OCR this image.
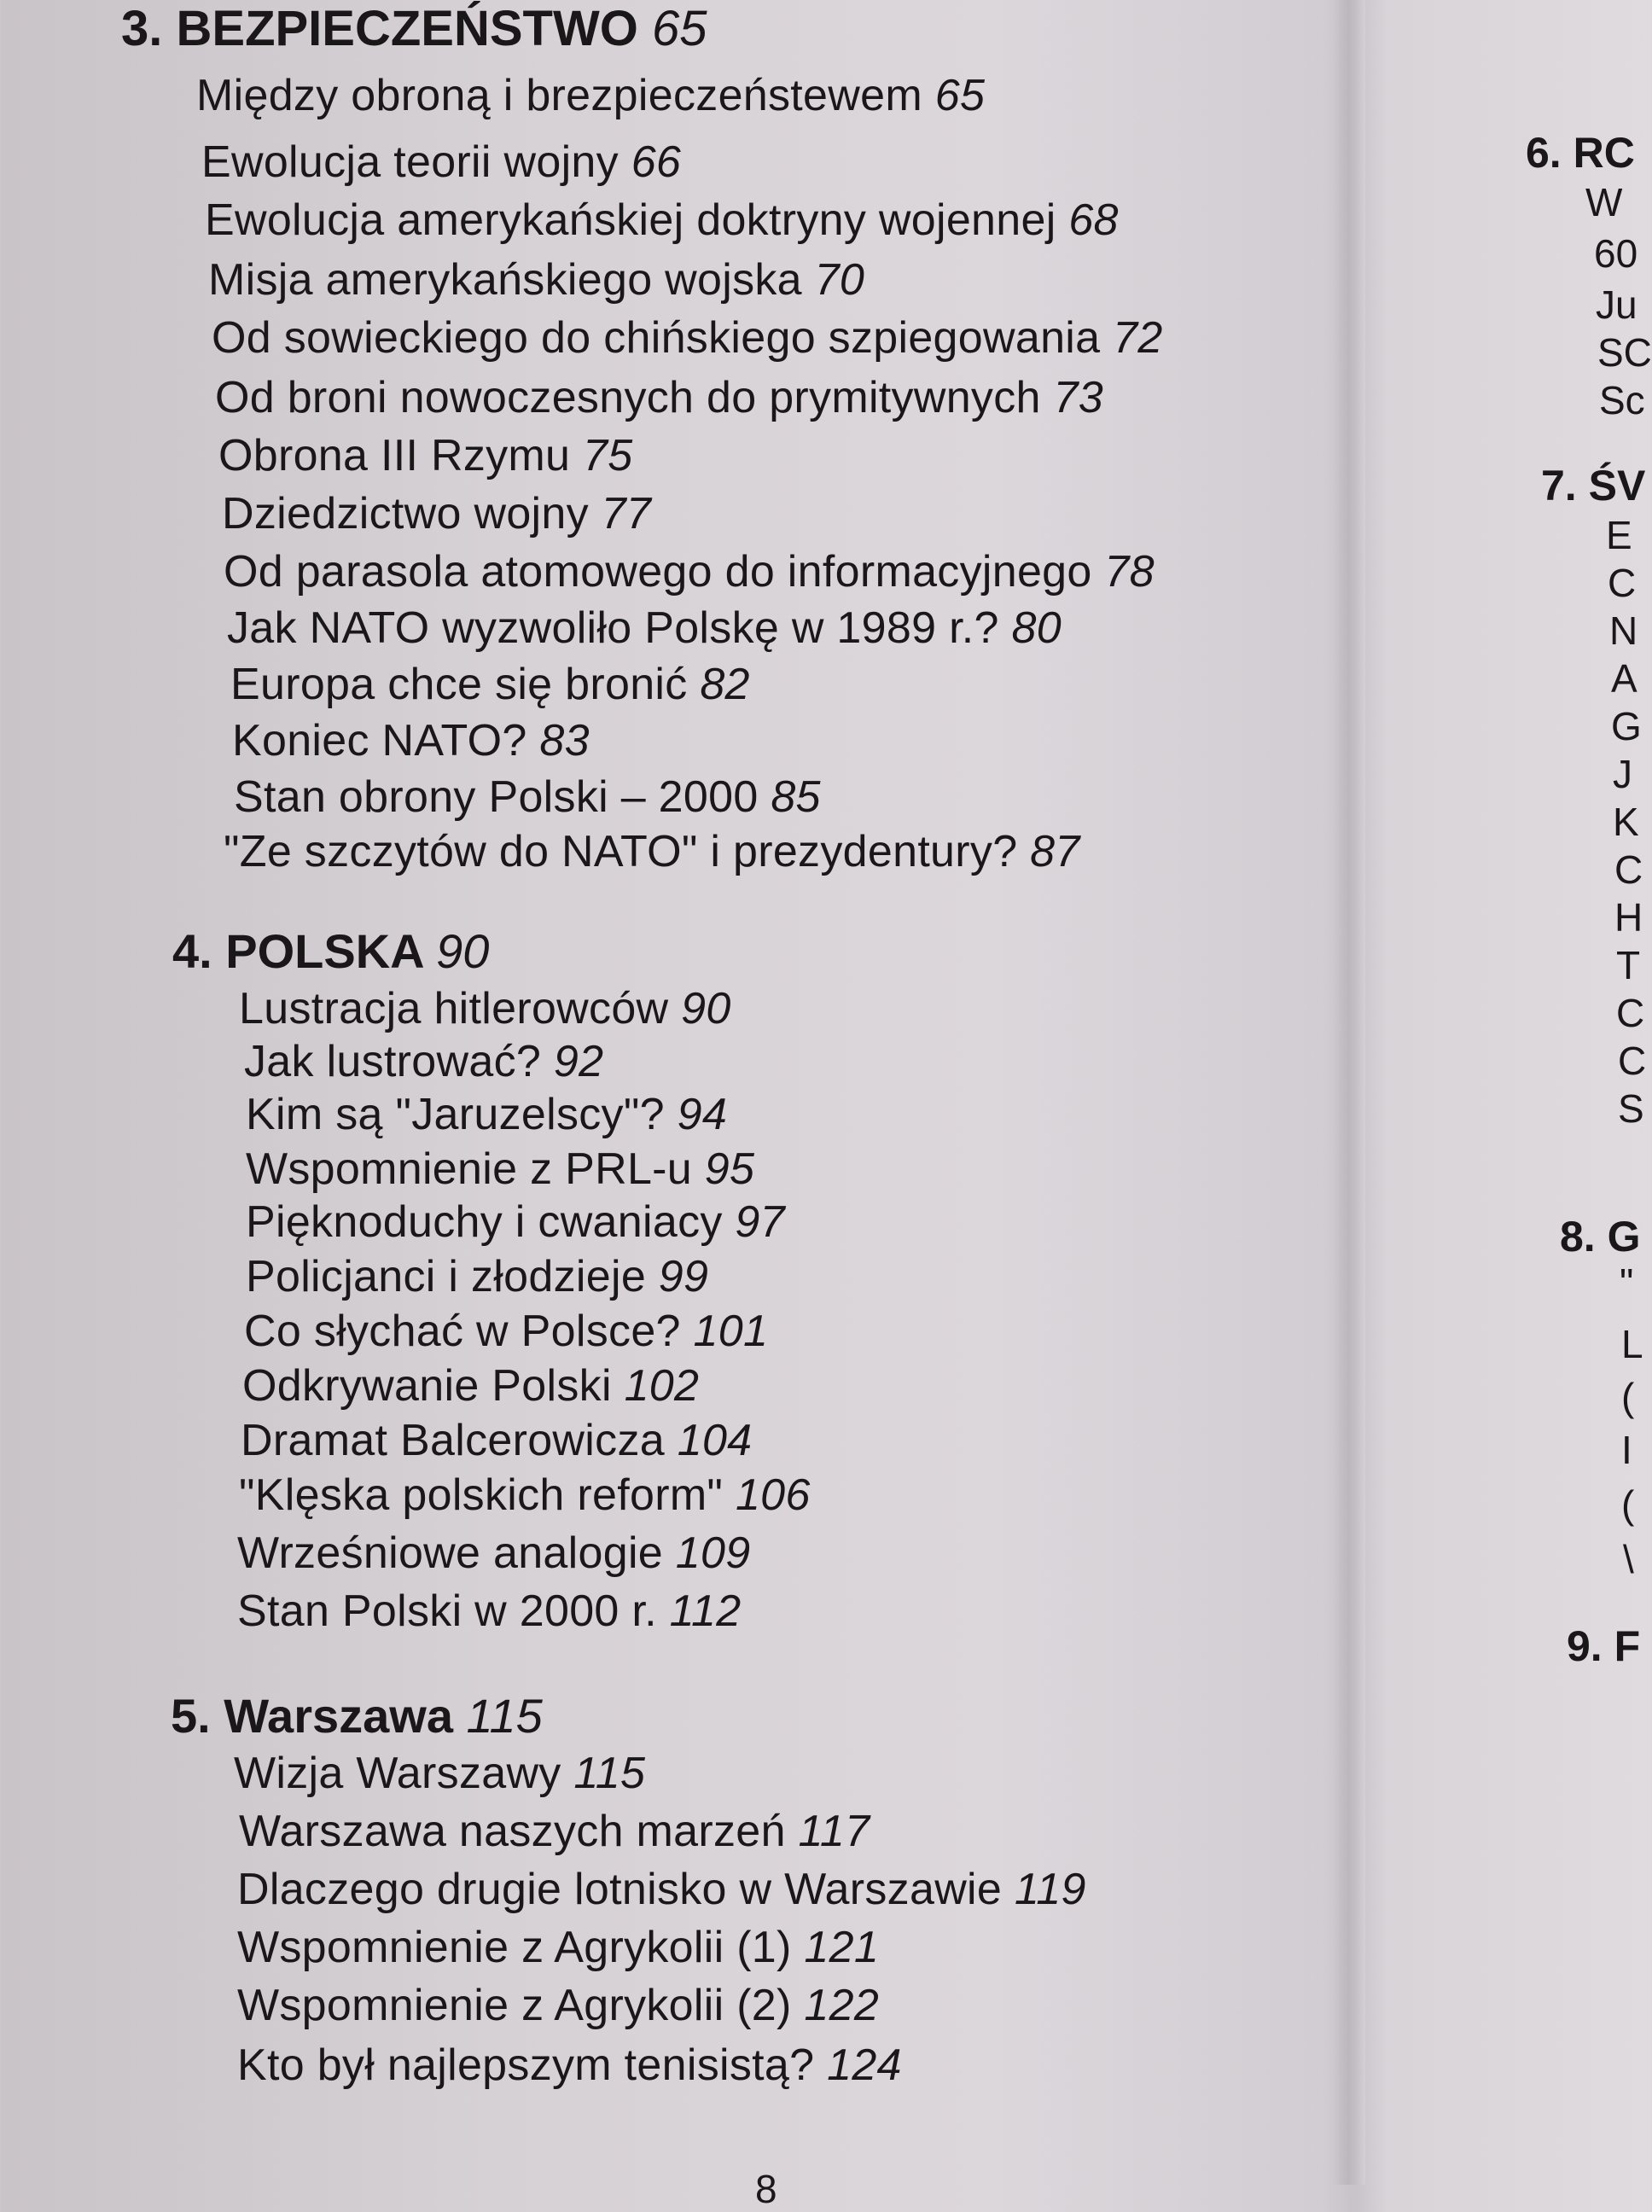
3. BEZPIECZEŃSTWO 65

Między obroną i brezpieczeństewem 65

Ewolucja teorii wojny 66

Ewolucja amerykańskiej doktryny wojennej 68

Misja amerykańskiego wojska 70

Od sowieckiego do chińskiego szpiegowania 72

Od broni nowoczesnych do prymitywnych 73

Obrona III Rzymu 75

Dziedzictwo wojny 77

Od parasola atomowego do informacyjnego 78

Jak NATO wyzwoliło Polskę w 1989 r.? 80

Europa chce się bronić 82

Koniec NATO? 83

Stan obrony Polski – 2000 85

"Ze szczytów do NATO" i prezydentury? 87

4. POLSKA 90

Lustracja hitlerowców 90

Jak lustrować? 92

Kim są "Jaruzelscy"? 94

Wspomnienie z PRL-u 95

Pięknoduchy i cwaniacy 97

Policjanci i złodzieje 99

Co słychać w Polsce? 101

Odkrywanie Polski 102

Dramat Balcerowicza 104

"Klęska polskich reform" 106

Wrześniowe analogie 109

Stan Polski w 2000 r. 112

5. Warszawa 115

Wizja Warszawy 115

Warszawa naszych marzeń 117

Dlaczego drugie lotnisko w Warszawie 119

Wspomnienie z Agrykolii (1) 121

Wspomnienie z Agrykolii (2) 122

Kto był najlepszym tenisistą? 124

6. RC
W
60
Ju
SC
Sc
7. ŚV
E
C
N
A
G
J
K
C
H
T
C
C
S
8. G
"
L
(
I
(
\
9. F
8
